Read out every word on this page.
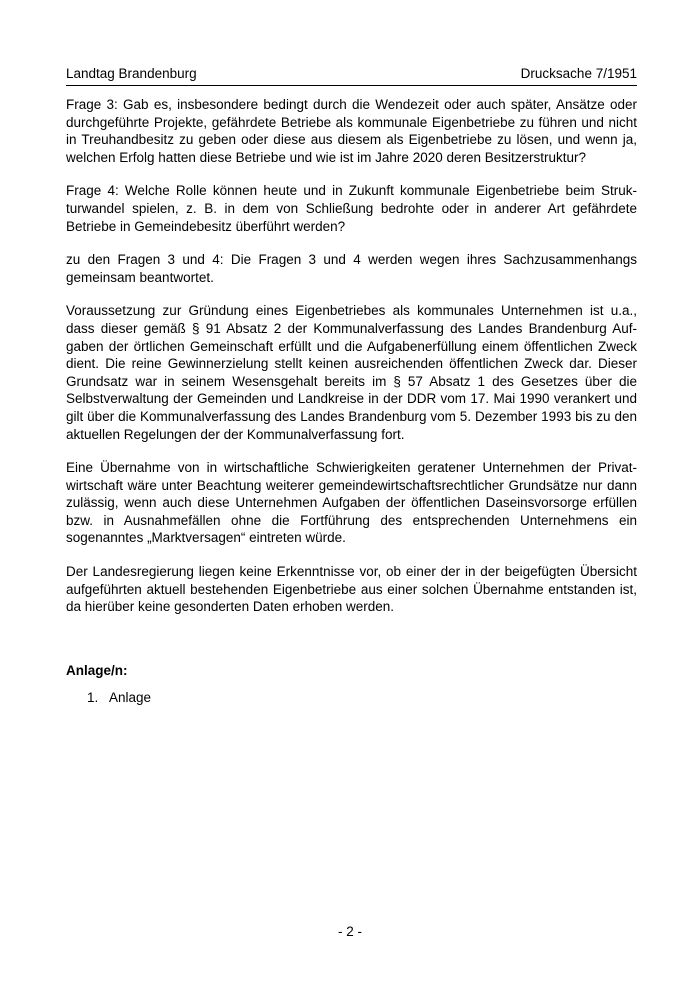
Landtag Brandenburg	Drucksache 7/1951

Frage 3: Gab es, insbesondere bedingt durch die Wendezeit oder auch später, Ansätze oder durchgeführte Projekte, gefährdete Betriebe als kommunale Eigenbetriebe zu führen und nicht in Treuhandbesitz zu geben oder diese aus diesem als Eigenbetriebe zu lösen, und wenn ja, welchen Erfolg hatten diese Betriebe und wie ist im Jahre 2020 deren Besitzerstruktur?

Frage 4: Welche Rolle können heute und in Zukunft kommunale Eigenbetriebe beim Strukturwandel spielen, z. B. in dem von Schließung bedrohte oder in anderer Art gefährdete Betriebe in Gemeindebesitz überführt werden?

zu den Fragen 3 und 4: Die Fragen 3 und 4 werden wegen ihres Sachzusammenhangs gemeinsam beantwortet.

Voraussetzung zur Gründung eines Eigenbetriebes als kommunales Unternehmen ist u.a., dass dieser gemäß § 91 Absatz 2 der Kommunalverfassung des Landes Brandenburg Aufgaben der örtlichen Gemeinschaft erfüllt und die Aufgabenerfüllung einem öffentlichen Zweck dient. Die reine Gewinnerzielung stellt keinen ausreichenden öffentlichen Zweck dar. Dieser Grundsatz war in seinem Wesensgehalt bereits im § 57 Absatz 1 des Gesetzes über die Selbstverwaltung der Gemeinden und Landkreise in der DDR vom 17. Mai 1990 verankert und gilt über die Kommunalverfassung des Landes Brandenburg vom 5. Dezember 1993 bis zu den aktuellen Regelungen der der Kommunalverfassung fort.

Eine Übernahme von in wirtschaftliche Schwierigkeiten geratener Unternehmen der Privatwirtschaft wäre unter Beachtung weiterer gemeindewirtschaftsrechtlicher Grundsätze nur dann zulässig, wenn auch diese Unternehmen Aufgaben der öffentlichen Daseinsvorsorge erfüllen bzw. in Ausnahmefällen ohne die Fortführung des entsprechenden Unternehmens ein sogenanntes „Marktversagen“ eintreten würde.

Der Landesregierung liegen keine Erkenntnisse vor, ob einer der in der beigefügten Übersicht aufgeführten aktuell bestehenden Eigenbetriebe aus einer solchen Übernahme entstanden ist, da hierüber keine gesonderten Daten erhoben werden.

Anlage/n:
1. Anlage
- 2 -
